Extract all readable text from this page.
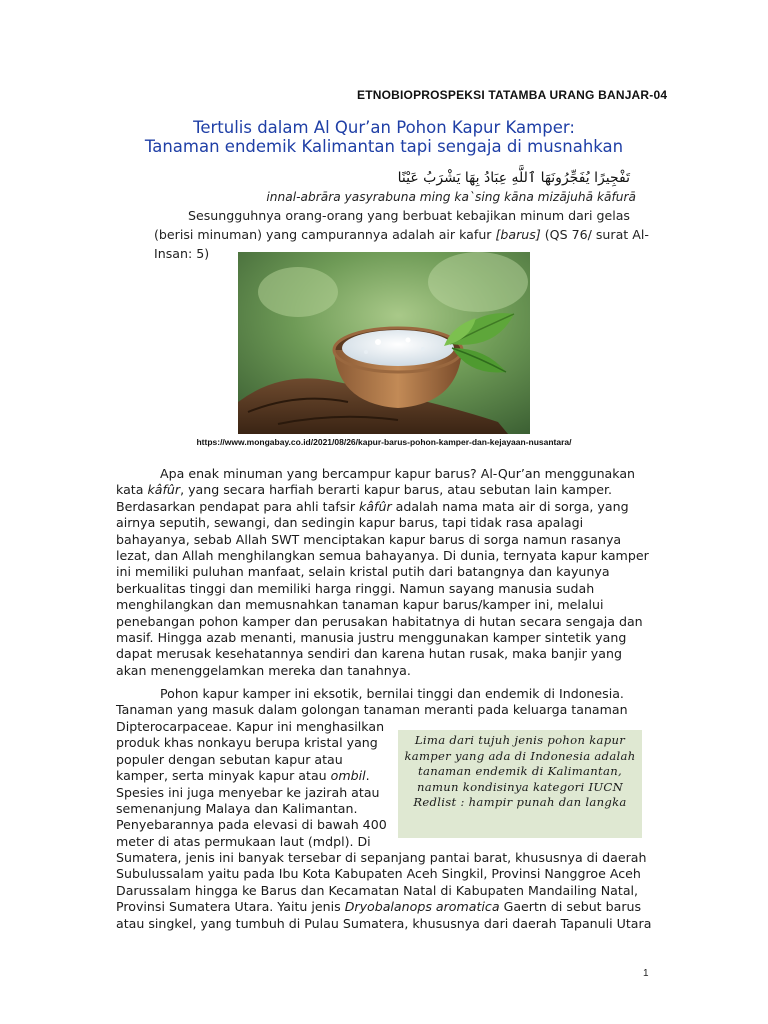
ETNOBIOPROSPEKSI TATAMBA URANG BANJAR-04
Tertulis dalam Al Qur’an Pohon Kapur Kamper:
Tanaman endemik Kalimantan tapi sengaja di musnahkan
تَفْجِيرًا يُفَجِّرُونَهَا ٱللَّهِ عِبَادُ بِهَا يَشْرَبُ عَيْنًا
innal-abrāra yasyrabuna ming ka`sing kāna mizājuhā kāfurā
Sesungguhnya orang-orang yang berbuat kebajikan minum dari gelas (berisi minuman) yang campurannya adalah air kafur [barus] (QS 76/ surat Al-Insan: 5)
https://www.mongabay.co.id/2021/08/26/kapur-barus-pohon-kamper-dan-kejayaan-nusantara/
Apa enak minuman yang bercampur kapur barus? Al-Qur’an menggunakan kata kâfûr, yang secara harfiah berarti kapur barus, atau sebutan lain kamper. Berdasarkan pendapat para ahli tafsir kâfûr adalah nama mata air di sorga, yang airnya seputih, sewangi, dan sedingin kapur barus, tapi tidak rasa apalagi bahayanya, sebab Allah SWT menciptakan kapur barus di sorga namun rasanya lezat, dan Allah menghilangkan semua bahayanya. Di dunia, ternyata kapur kamper ini memiliki puluhan manfaat, selain kristal putih dari batangnya dan kayunya berkualitas tinggi dan memiliki harga ringgi. Namun sayang manusia sudah menghilangkan dan memusnahkan tanaman kapur barus/kamper ini, melalui penebangan pohon kamper dan perusakan habitatnya di hutan secara sengaja dan masif. Hingga azab menanti, manusia justru menggunakan kamper sintetik yang dapat merusak kesehatannya sendiri dan karena hutan rusak, maka banjir yang akan menenggelamkan mereka dan tanahnya.
Pohon kapur kamper ini eksotik, bernilai tinggi dan endemik di Indonesia. Tanaman yang masuk dalam golongan tanaman meranti pada keluarga tanaman
Dipterocarpaceae. Kapur ini menghasilkan produk khas nonkayu berupa kristal yang populer dengan sebutan kapur atau kamper, serta minyak kapur atau ombil. Spesies ini juga menyebar ke jazirah atau semenanjung Malaya dan Kalimantan. Penyebarannya pada elevasi di bawah 400 meter di atas permukaan laut (mdpl). Di
Sumatera, jenis ini banyak tersebar di sepanjang pantai barat, khususnya di daerah Subulussalam yaitu pada Ibu Kota Kabupaten Aceh Singkil, Provinsi Nanggroe Aceh Darussalam hingga ke Barus dan Kecamatan Natal di Kabupaten Mandailing Natal, Provinsi Sumatera Utara. Yaitu jenis Dryobalanops aromatica Gaertn di sebut barus atau singkel, yang tumbuh di Pulau Sumatera, khususnya dari daerah Tapanuli Utara
Lima dari tujuh jenis pohon kapur kamper yang ada di Indonesia adalah tanaman endemik di Kalimantan, namun kondisinya kategori IUCN Redlist : hampir punah dan langka
1
